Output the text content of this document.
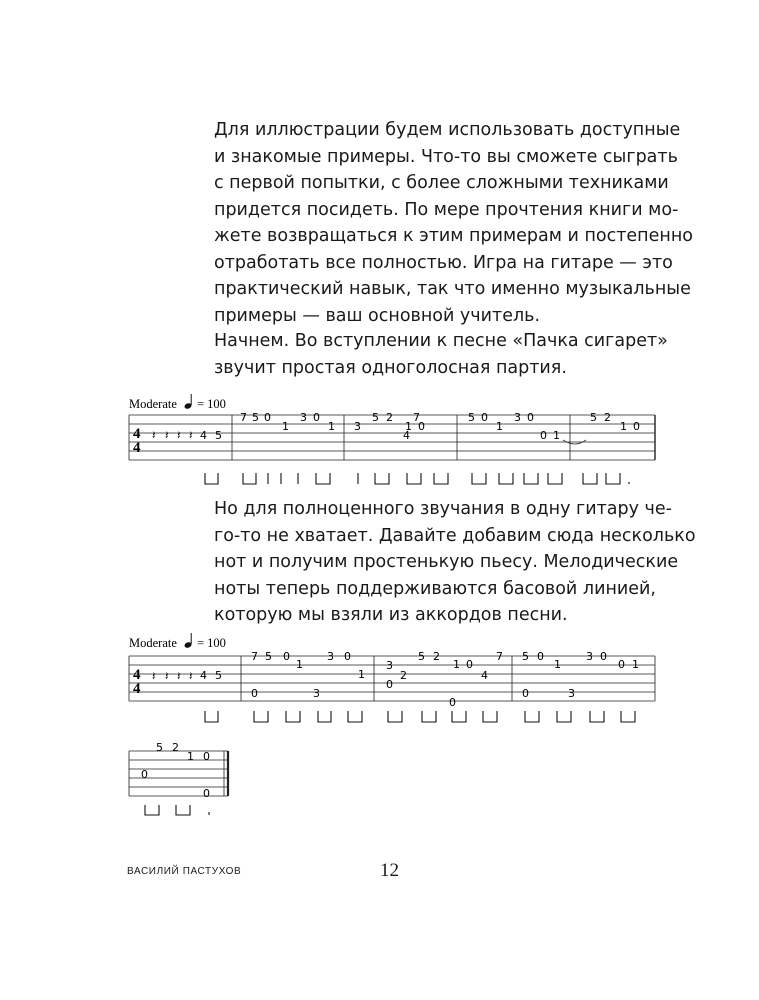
Для иллюстрации будем использовать доступные
и знакомые примеры. Что-то вы сможете сыграть
с первой попытки, с более сложными техниками
придется посидеть. По мере прочтения книги мо-
жете возвращаться к этим примерам и постепенно
отработать все полностью. Игра на гитаре — это
практический навык, так что именно музыкальные
примеры — ваш основной учитель.
Начнем. Во вступлении к песне «Пачка сигарет»
звучит простая одноголосная партия.
Но для полноценного звучания в одну гитару че-
го-то не хватает. Давайте добавим сюда несколько
нот и получим простенькую пьесу. Мелодические
ноты теперь поддерживаются басовой линией,
которую мы взяли из аккордов песни.
Moderate = 100
4
4
𝄽 𝄽 𝄽 𝄽
7 5 0	3 0	5 2 7	5 0 3 0	5 2
4 5
1	1 3	1 0	1
0 1
1 0
4
Moderate = 100
4
4
𝄽 𝄽 𝄽 𝄽
7 5 0	3 0	5 2	7 5 0	3 0
4 5
1
1
1 0
4
1	0 1
3
2
0
0	3	0	3
0
5 2
1 0
0
0
ВАСИЛИЙ ПАСТУХОВ	12
